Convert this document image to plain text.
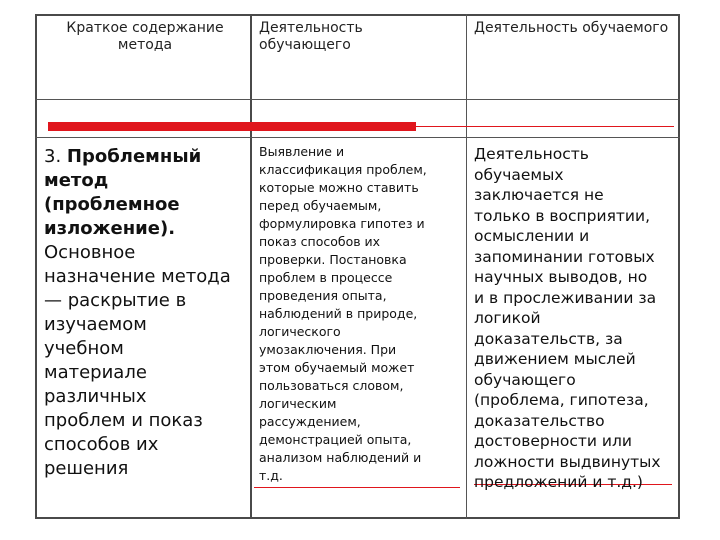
Краткое содержание
метода

Деятельность
обучающего

Деятельность обучаемого

3. Проблемный
метод
(проблемное
изложение).
Основное
назначение метода
— раскрытие в
изучаемом
учебном
материале
различных
проблем и показ
способов их
решения

Выявление и
классификация проблем,
которые можно ставить
перед обучаемым,
формулировка гипотез и
показ способов их
проверки. Постановка
проблем в процессе
проведения опыта,
наблюдений в природе,
логического
умозаключения. При
этом обучаемый может
пользоваться словом,
логическим
рассуждением,
демонстрацией опыта,
анализом наблюдений и
т.д.

Деятельность
обучаемых
заключается не
только в восприятии,
осмыслении и
запоминании готовых
научных выводов, но
и в прослеживании за
логикой
доказательств, за
движением мыслей
обучающего
(проблема, гипотеза,
доказательство
достоверности или
ложности выдвинутых
предложений и т.д.)
